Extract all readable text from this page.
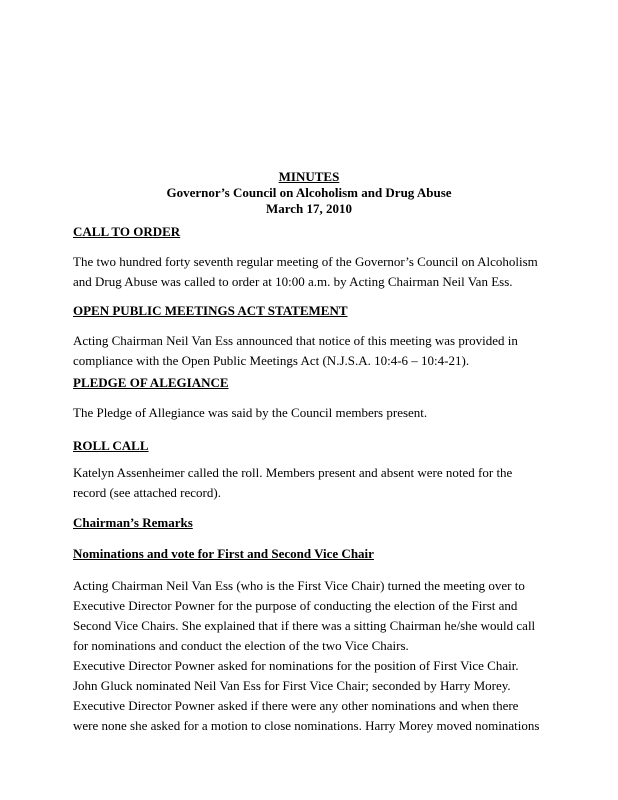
MINUTES
Governor’s Council on Alcoholism and Drug Abuse
March 17, 2010
CALL TO ORDER
The two hundred forty seventh regular meeting of the Governor’s Council on Alcoholism
and Drug Abuse was called to order at 10:00 a.m. by Acting Chairman Neil Van Ess.
OPEN PUBLIC MEETINGS ACT STATEMENT
Acting Chairman Neil Van Ess announced that notice of this meeting was provided in
compliance with the Open Public Meetings Act (N.J.S.A. 10:4-6 – 10:4-21).
PLEDGE OF ALEGIANCE
The Pledge of Allegiance was said by the Council members present.
ROLL CALL
Katelyn Assenheimer called the roll. Members present and absent were noted for the
record (see attached record).
Chairman’s Remarks
Nominations and vote for First and Second Vice Chair
Acting Chairman Neil Van Ess (who is the First Vice Chair) turned the meeting over to
Executive Director Powner for the purpose of conducting the election of the First and
Second Vice Chairs. She explained that if there was a sitting Chairman he/she would call
for nominations and conduct the election of the two Vice Chairs.
Executive Director Powner asked for nominations for the position of First Vice Chair.
John Gluck nominated Neil Van Ess for First Vice Chair; seconded by Harry Morey.
Executive Director Powner asked if there were any other nominations and when there
were none she asked for a motion to close nominations. Harry Morey moved nominations
